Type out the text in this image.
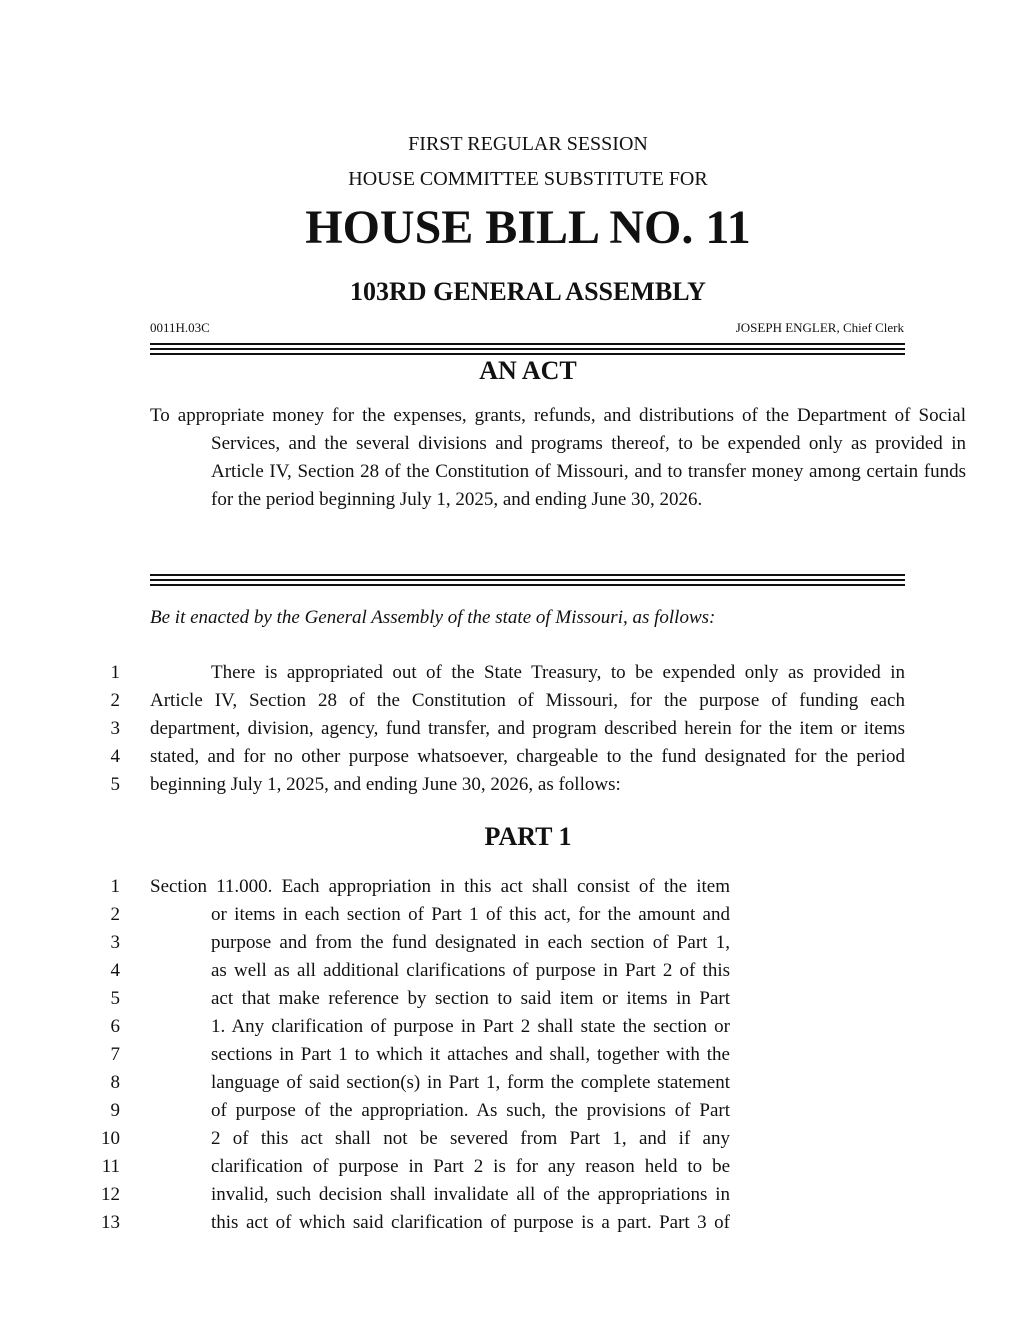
FIRST REGULAR SESSION
HOUSE COMMITTEE SUBSTITUTE FOR
HOUSE BILL NO. 11
103RD GENERAL ASSEMBLY
0011H.03C	JOSEPH ENGLER, Chief Clerk
AN ACT
To appropriate money for the expenses, grants, refunds, and distributions of the Department of Social Services, and the several divisions and programs thereof, to be expended only as provided in Article IV, Section 28 of the Constitution of Missouri, and to transfer money among certain funds for the period beginning July 1, 2025, and ending June 30, 2026.
Be it enacted by the General Assembly of the state of Missouri, as follows:
1	There is appropriated out of the State Treasury, to be expended only as provided in
2 Article IV, Section 28 of the Constitution of Missouri, for the purpose of funding each
3 department, division, agency, fund transfer, and program described herein for the item or items
4 stated, and for no other purpose whatsoever, chargeable to the fund designated for the period
5 beginning July 1, 2025, and ending June 30, 2026, as follows:
PART 1
1 Section 11.000. Each appropriation in this act shall consist of the item
2	or items in each section of Part 1 of this act, for the amount and
3	purpose and from the fund designated in each section of Part 1,
4	as well as all additional clarifications of purpose in Part 2 of this
5	act that make reference by section to said item or items in Part
6	1. Any clarification of purpose in Part 2 shall state the section or
7	sections in Part 1 to which it attaches and shall, together with the
8	language of said section(s) in Part 1, form the complete statement
9	of purpose of the appropriation. As such, the provisions of Part
10	2 of this act shall not be severed from Part 1, and if any
11	clarification of purpose in Part 2 is for any reason held to be
12	invalid, such decision shall invalidate all of the appropriations in
13	this act of which said clarification of purpose is a part. Part 3 of
